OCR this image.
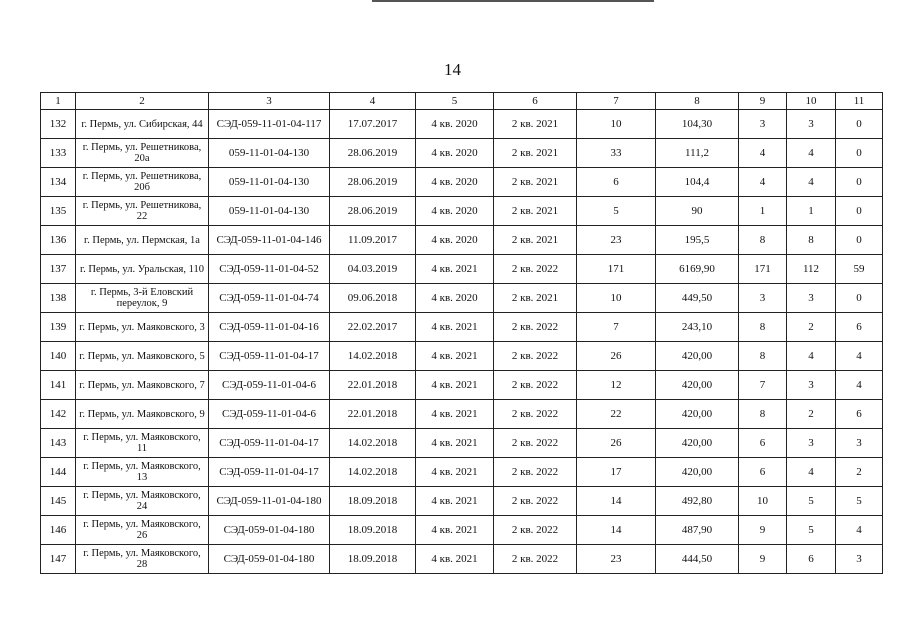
14
1	2	3	4	5	6	7	8	9	10	11
132	г. Пермь, ул. Сибирская, 44	СЭД-059-11-01-04-117	17.07.2017	4 кв. 2020	2 кв. 2021	10	104,30	3	3	0
133	г. Пермь, ул. Решетникова, 20а	059-11-01-04-130	28.06.2019	4 кв. 2020	2 кв. 2021	33	111,2	4	4	0
134	г. Пермь, ул. Решетникова, 20б	059-11-01-04-130	28.06.2019	4 кв. 2020	2 кв. 2021	6	104,4	4	4	0
135	г. Пермь, ул. Решетникова, 22	059-11-01-04-130	28.06.2019	4 кв. 2020	2 кв. 2021	5	90	1	1	0
136	г. Пермь, ул. Пермская, 1а	СЭД-059-11-01-04-146	11.09.2017	4 кв. 2020	2 кв. 2021	23	195,5	8	8	0
137	г. Пермь, ул. Уральская, 110	СЭД-059-11-01-04-52	04.03.2019	4 кв. 2021	2 кв. 2022	171	6169,90	171	112	59
138	г. Пермь, 3-й Еловский переулок, 9	СЭД-059-11-01-04-74	09.06.2018	4 кв. 2020	2 кв. 2021	10	449,50	3	3	0
139	г. Пермь, ул. Маяковского, 3	СЭД-059-11-01-04-16	22.02.2017	4 кв. 2021	2 кв. 2022	7	243,10	8	2	6
140	г. Пермь, ул. Маяковского, 5	СЭД-059-11-01-04-17	14.02.2018	4 кв. 2021	2 кв. 2022	26	420,00	8	4	4
141	г. Пермь, ул. Маяковского, 7	СЭД-059-11-01-04-6	22.01.2018	4 кв. 2021	2 кв. 2022	12	420,00	7	3	4
142	г. Пермь, ул. Маяковского, 9	СЭД-059-11-01-04-6	22.01.2018	4 кв. 2021	2 кв. 2022	22	420,00	8	2	6
143	г. Пермь, ул. Маяковского, 11	СЭД-059-11-01-04-17	14.02.2018	4 кв. 2021	2 кв. 2022	26	420,00	6	3	3
144	г. Пермь, ул. Маяковского, 13	СЭД-059-11-01-04-17	14.02.2018	4 кв. 2021	2 кв. 2022	17	420,00	6	4	2
145	г. Пермь, ул. Маяковского, 24	СЭД-059-11-01-04-180	18.09.2018	4 кв. 2021	2 кв. 2022	14	492,80	10	5	5
146	г. Пермь, ул. Маяковского, 26	СЭД-059-01-04-180	18.09.2018	4 кв. 2021	2 кв. 2022	14	487,90	9	5	4
147	г. Пермь, ул. Маяковского, 28	СЭД-059-01-04-180	18.09.2018	4 кв. 2021	2 кв. 2022	23	444,50	9	6	3
